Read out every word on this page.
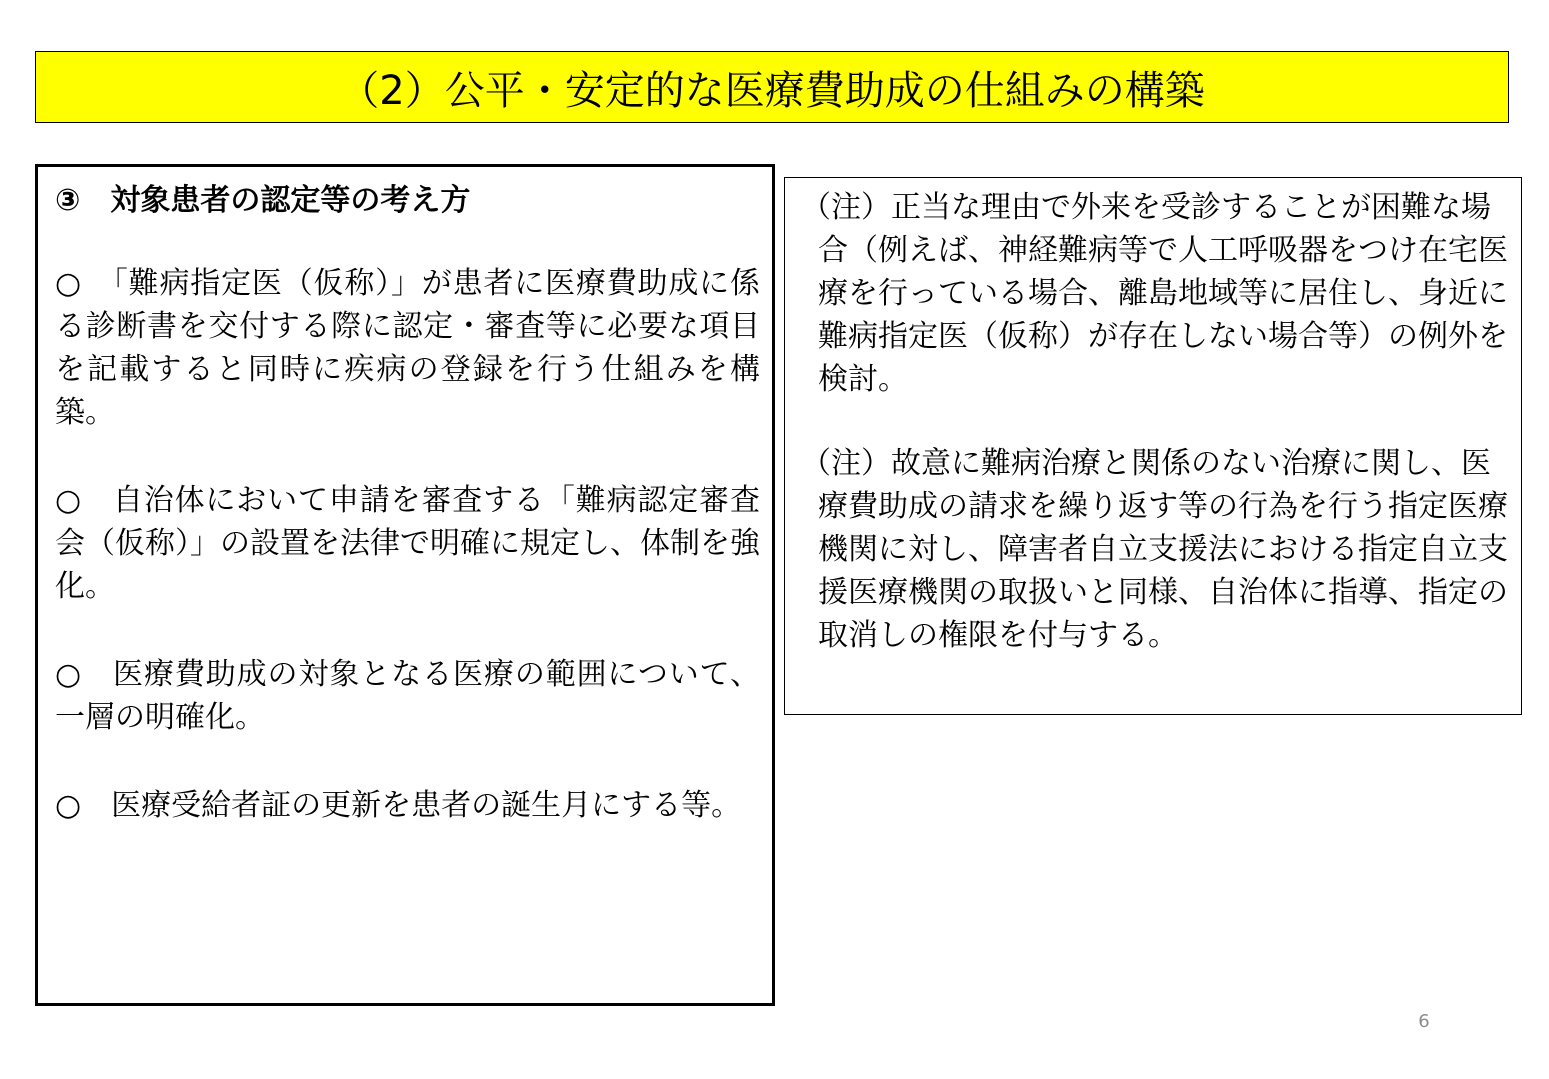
（2）公平・安定的な医療費助成の仕組みの構築

③　対象患者の認定等の考え方

○　「難病指定医（仮称）」が患者に医療費助成に係る診断書を交付する際に認定・審査等に必要な項目を記載すると同時に疾病の登録を行う仕組みを構築。

○　自治体において申請を審査する「難病認定審査会（仮称）」の設置を法律で明確に規定し、体制を強化。

○　医療費助成の対象となる医療の範囲について、一層の明確化。

○　医療受給者証の更新を患者の誕生月にする等。

（注）正当な理由で外来を受診することが困難な場合（例えば、神経難病等で人工呼吸器をつけ在宅医療を行っている場合、離島地域等に居住し、身近に難病指定医（仮称）が存在しない場合等）の例外を検討。

（注）故意に難病治療と関係のない治療に関し、医療費助成の請求を繰り返す等の行為を行う指定医療機関に対し、障害者自立支援法における指定自立支援医療機関の取扱いと同様、自治体に指導、指定の取消しの権限を付与する。

6
